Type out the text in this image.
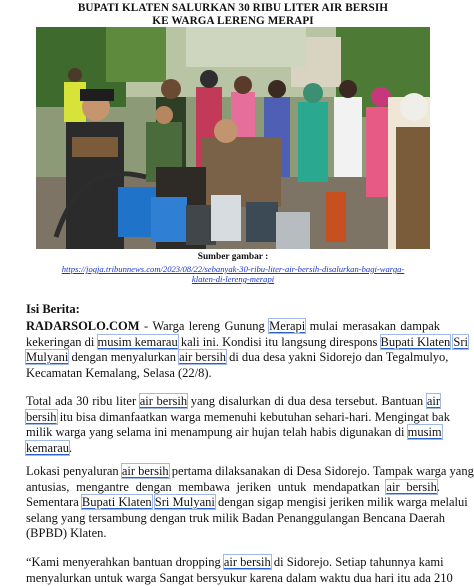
BUPATI KLATEN SALURKAN 30 RIBU LITER AIR BERSIH
KE WARGA LERENG MERAPI
Sumber gambar :
https://jogja.tribunnews.com/2023/08/22/sebanyak-30-ribu-liter-air-bersih-disalurkan-bagi-warga-
klaten-di-lereng-merapi
Isi Berita:
RADARSOLO.COM - Warga lereng Gunung Merapi mulai merasakan dampak
kekeringan di musim kemarau kali ini. Kondisi itu langsung direspons Bupati Klaten Sri
Mulyani dengan menyalurkan air bersih di dua desa yakni Sidorejo dan Tegalmulyo,
Kecamatan Kemalang, Selasa (22/8).
Total ada 30 ribu liter air bersih yang disalurkan di dua desa tersebut. Bantuan air
bersih itu bisa dimanfaatkan warga memenuhi kebutuhan sehari-hari. Mengingat bak
milik warga yang selama ini menampung air hujan telah habis digunakan di musim
kemarau.
Lokasi penyaluran air bersih pertama dilaksanakan di Desa Sidorejo. Tampak warga yang
antusias, mengantre dengan membawa jeriken untuk mendapatkan air bersih.
Sementara Bupati Klaten Sri Mulyani dengan sigap mengisi jeriken milik warga melalui
selang yang tersambung dengan truk milik Badan Penanggulangan Bencana Daerah
(BPBD) Klaten.
“Kami menyerahkan bantuan dropping air bersih di Sidorejo. Setiap tahunnya kami
menyalurkan untuk warga Sangat bersyukur karena dalam waktu dua hari itu ada 210
